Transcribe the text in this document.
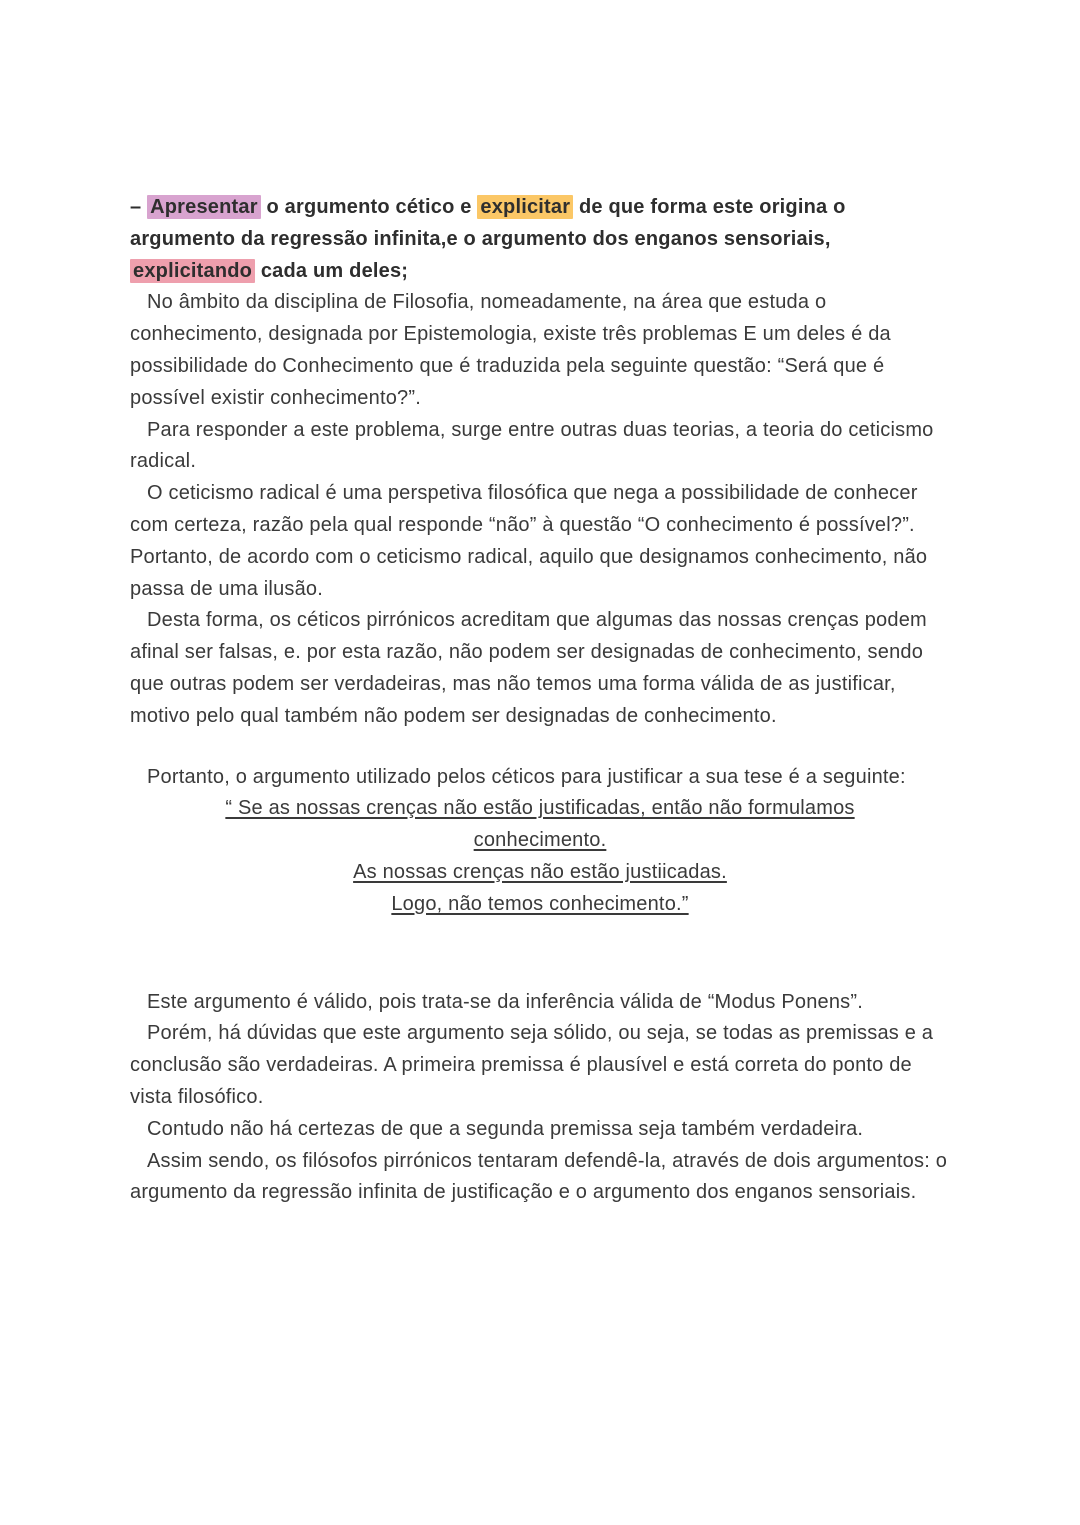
– Apresentar o argumento cético e explicitar de que forma este origina o argumento da regressão infinita,e o argumento dos enganos sensoriais, explicitando cada um deles;

No âmbito da disciplina de Filosofia, nomeadamente, na área que estuda o conhecimento, designada por Epistemologia, existe três problemas E um deles é da possibilidade do Conhecimento que é traduzida pela seguinte questão: “Será que é possível existir conhecimento?”.

Para responder a este problema, surge entre outras duas teorias, a teoria do ceticismo radical.

O ceticismo radical é uma perspetiva filosófica que nega a possibilidade de conhecer com certeza, razão pela qual responde “não” à questão “O conhecimento é possível?”. Portanto, de acordo com o ceticismo radical, aquilo que designamos conhecimento, não passa de uma ilusão.

Desta forma, os céticos pirrónicos acreditam que algumas das nossas crenças podem afinal ser falsas, e. por esta razão, não podem ser designadas de conhecimento, sendo que outras podem ser verdadeiras, mas não temos uma forma válida de as justificar, motivo pelo qual também não podem ser designadas de conhecimento.

Portanto, o argumento utilizado pelos céticos para justificar a sua tese é a seguinte:

“ Se as nossas crenças não estão justificadas, então não formulamos conhecimento.
As nossas crenças não estão justiicadas.
Logo, não temos conhecimento.”

Este argumento é válido, pois trata-se da inferência válida de “Modus Ponens”.

Porém, há dúvidas que este argumento seja sólido, ou seja, se todas as premissas e a conclusão são verdadeiras. A primeira premissa é plausível e está correta do ponto de vista filosófico.

Contudo não há certezas de que a segunda premissa seja também verdadeira.

Assim sendo, os filósofos pirrónicos tentaram defendê-la, através de dois argumentos: o argumento da regressão infinita de justificação e o argumento dos enganos sensoriais.
